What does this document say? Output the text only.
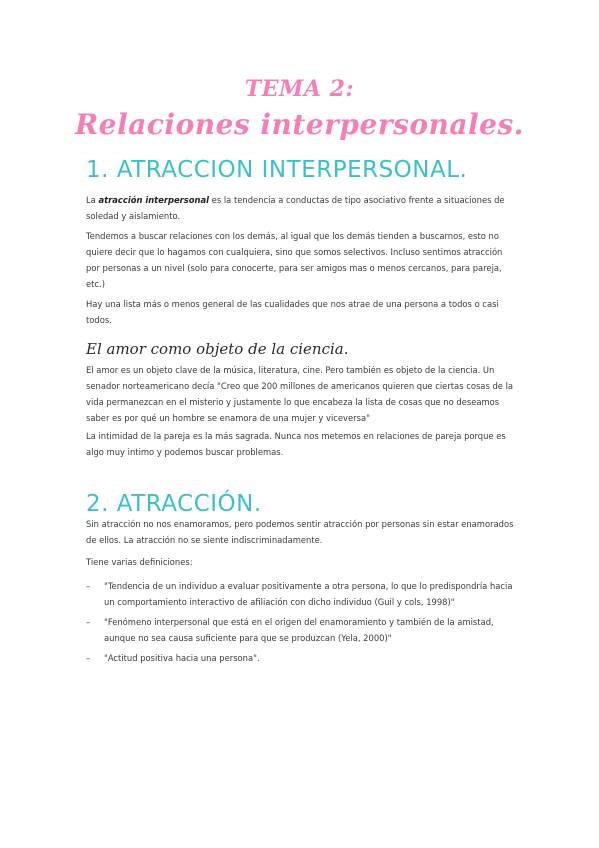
TEMA 2:
Relaciones interpersonales.
1. ATRACCION INTERPERSONAL.

La atracción interpersonal es la tendencia a conductas de tipo asociativo frente a situaciones de soledad y aislamiento.

Tendemos a buscar relaciones con los demás, al igual que los demás tienden a buscarnos, esto no quiere decir que lo hagamos con cualquiera, sino que somos selectivos. Incluso sentimos atracción por personas a un nivel (solo para conocerte, para ser amigos mas o menos cercanos, para pareja, etc.)

Hay una lista más o menos general de las cualidades que nos atrae de una persona a todos o casi todos.

El amor como objeto de la ciencia.

El amor es un objeto clave de la música, literatura, cine. Pero también es objeto de la ciencia. Un senador norteamericano decía "Creo que 200 millones de americanos quieren que ciertas cosas de la vida permanezcan en el misterio y justamente lo que encabeza la lista de cosas que no deseamos saber es por qué un hombre se enamora de una mujer y viceversa"

La intimidad de la pareja es la más sagrada. Nunca nos metemos en relaciones de pareja porque es algo muy intimo y podemos buscar problemas.

2. ATRACCIÓN.

Sin atracción no nos enamoramos, pero podemos sentir atracción por personas sin estar enamorados de ellos. La atracción no se siente indiscriminadamente.

Tiene varias definiciones:

– "Tendencia de un individuo a evaluar positivamente a otra persona, lo que lo predispondría hacia un comportamiento interactivo de afiliación con dicho individuo (Guil y cols, 1998)"
– "Fenómeno interpersonal que está en el origen del enamoramiento y también de la amistad, aunque no sea causa suficiente para que se produzcan (Yela, 2000)"
– "Actitud positiva hacia una persona".
